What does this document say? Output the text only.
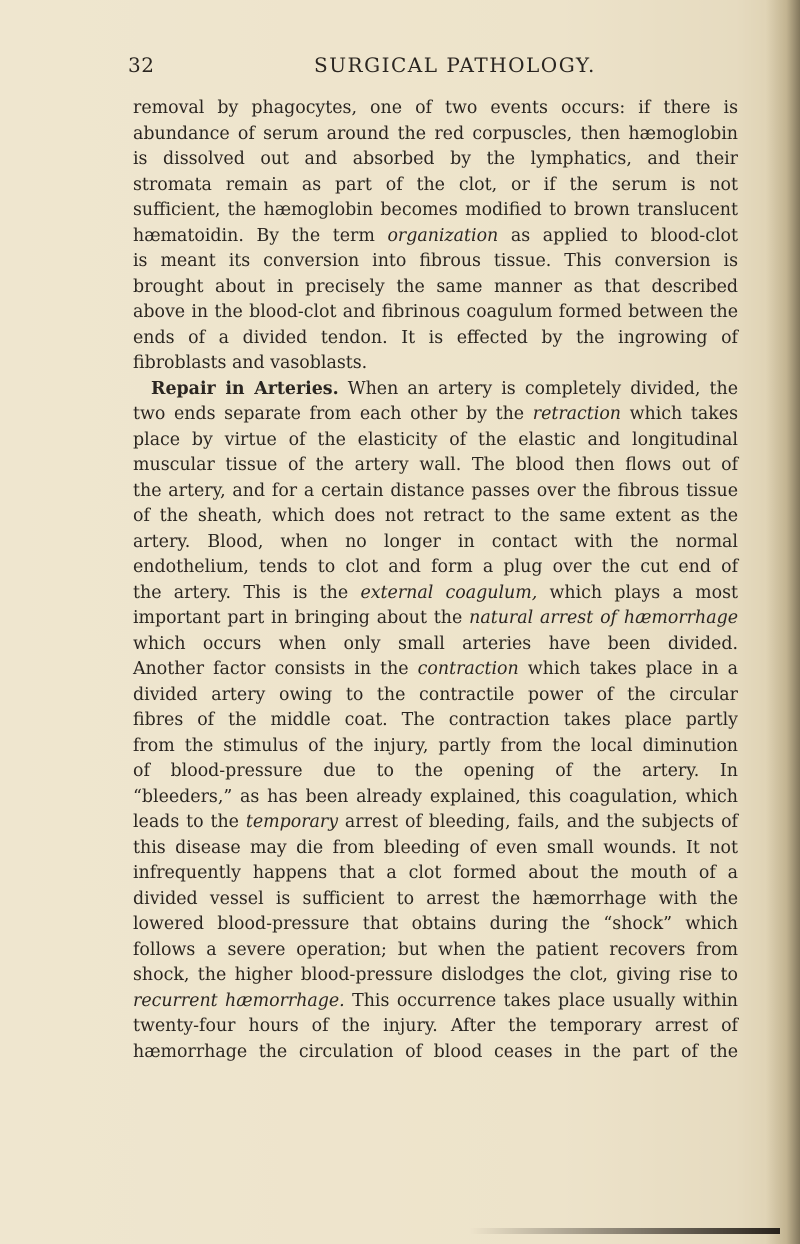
32	SURGICAL PATHOLOGY.
removal by phagocytes, one of two events occurs: if there is
abundance of serum around the red corpuscles, then hæmoglobin
is dissolved out and absorbed by the lymphatics, and their
stromata remain as part of the clot, or if the serum is not
sufficient, the hæmoglobin becomes modified to brown translucent
hæmatoidin. By the term organization as applied to blood-clot
is meant its conversion into fibrous tissue. This conversion is
brought about in precisely the same manner as that described
above in the blood-clot and fibrinous coagulum formed between the
ends of a divided tendon. It is effected by the ingrowing of
fibroblasts and vasoblasts.
Repair in Arteries. When an artery is completely divided, the
two ends separate from each other by the retraction which takes
place by virtue of the elasticity of the elastic and longitudinal
muscular tissue of the artery wall. The blood then flows out of
the artery, and for a certain distance passes over the fibrous tissue
of the sheath, which does not retract to the same extent as the
artery. Blood, when no longer in contact with the normal
endothelium, tends to clot and form a plug over the cut end of
the artery. This is the external coagulum, which plays a most
important part in bringing about the natural arrest of hæmorrhage
which occurs when only small arteries have been divided.
Another factor consists in the contraction which takes place in a
divided artery owing to the contractile power of the circular
fibres of the middle coat. The contraction takes place partly
from the stimulus of the injury, partly from the local diminution
of blood-pressure due to the opening of the artery. In
“bleeders,” as has been already explained, this coagulation, which
leads to the temporary arrest of bleeding, fails, and the subjects of
this disease may die from bleeding of even small wounds. It not
infrequently happens that a clot formed about the mouth of a
divided vessel is sufficient to arrest the hæmorrhage with the
lowered blood-pressure that obtains during the “shock” which
follows a severe operation; but when the patient recovers from
shock, the higher blood-pressure dislodges the clot, giving rise to
recurrent hæmorrhage. This occurrence takes place usually within
twenty-four hours of the injury. After the temporary arrest of
hæmorrhage the circulation of blood ceases in the part of the
